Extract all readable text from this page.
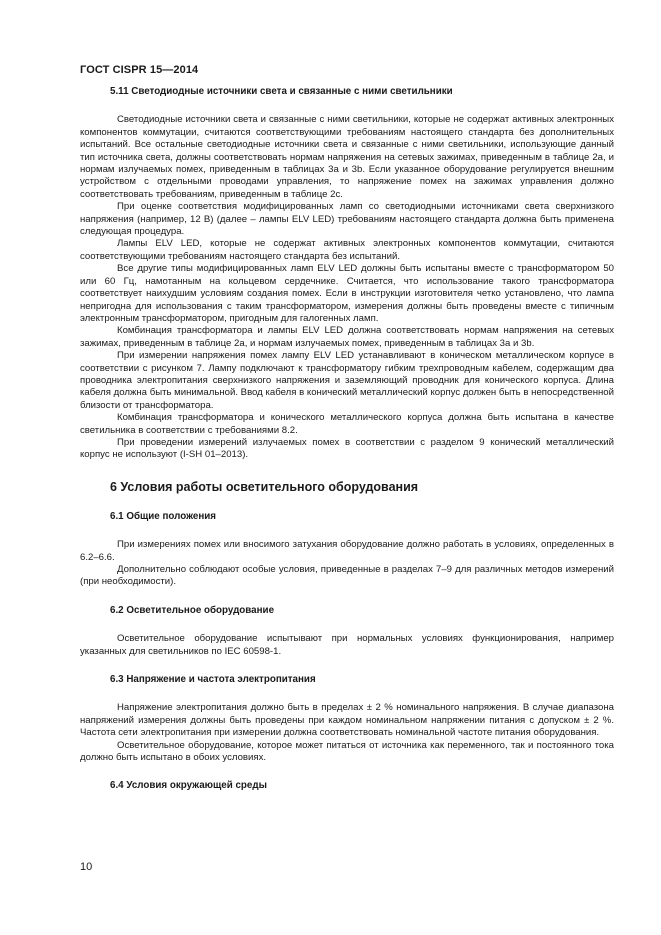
ГОСТ CISPR 15—2014
5.11 Светодиодные источники света и связанные с ними светильники

Светодиодные источники света и связанные с ними светильники, которые не содержат активных электронных компонентов коммутации, считаются соответствующими требованиям настоящего стандарта без дополнительных испытаний. Все остальные светодиодные источники света и связанные с ними светильники, использующие данный тип источника света, должны соответствовать нормам напряжения на сетевых зажимах, приведенным в таблице 2а, и нормам излучаемых помех, приведенным в таблицах 3а и 3b. Если указанное оборудование регулируется внешним устройством с отдельными проводами управления, то напряжение помех на зажимах управления должно соответствовать требованиям, приведенным в таблице 2с.

При оценке соответствия модифицированных ламп со светодиодными источниками света сверхнизкого напряжения (например, 12 В) (далее – лампы ELV LED) требованиям настоящего стандарта должна быть применена следующая процедура.

Лампы ELV LED, которые не содержат активных электронных компонентов коммутации, считаются соответствующими требованиям настоящего стандарта без испытаний.

Все другие типы модифицированных ламп ELV LED должны быть испытаны вместе с трансформатором 50 или 60 Гц, намотанным на кольцевом сердечнике. Считается, что использование такого трансформатора соответствует наихудшим условиям создания помех. Если в инструкции изготовителя четко установлено, что лампа непригодна для использования с таким трансформатором, измерения должны быть проведены вместе с типичным электронным трансформатором, пригодным для галогенных ламп.

Комбинация трансформатора и лампы ELV LED должна соответствовать нормам напряжения на сетевых зажимах, приведенным в таблице 2а, и нормам излучаемых помех, приведенным в таблицах 3а и 3b.

При измерении напряжения помех лампу ELV LED устанавливают в коническом металлическом корпусе в соответствии с рисунком 7. Лампу подключают к трансформатору гибким трехпроводным кабелем, содержащим два проводника электропитания сверхнизкого напряжения и заземляющий проводник для конического корпуса. Длина кабеля должна быть минимальной. Ввод кабеля в конический металлический корпус должен быть в непосредственной близости от трансформатора.

Комбинация трансформатора и конического металлического корпуса должна быть испытана в качестве светильника в соответствии с требованиями 8.2.

При проведении измерений излучаемых помех в соответствии с разделом 9 конический металлический корпус не используют (I-SH 01–2013).

6 Условия работы осветительного оборудования
6.1 Общие положения

При измерениях помех или вносимого затухания оборудование должно работать в условиях, определенных в 6.2–6.6.

Дополнительно соблюдают особые условия, приведенные в разделах 7–9 для различных методов измерений (при необходимости).

6.2 Осветительное оборудование

Осветительное оборудование испытывают при нормальных условиях функционирования, например указанных для светильников по IEC 60598-1.

6.3 Напряжение и частота электропитания

Напряжение электропитания должно быть в пределах ± 2 % номинального напряжения. В случае диапазона напряжений измерения должны быть проведены при каждом номинальном напряжении питания с допуском ± 2 %. Частота сети электропитания при измерении должна соответствовать номинальной частоте питания оборудования.

Осветительное оборудование, которое может питаться от источника как переменного, так и постоянного тока должно быть испытано в обоих условиях.

6.4 Условия окружающей среды
10
